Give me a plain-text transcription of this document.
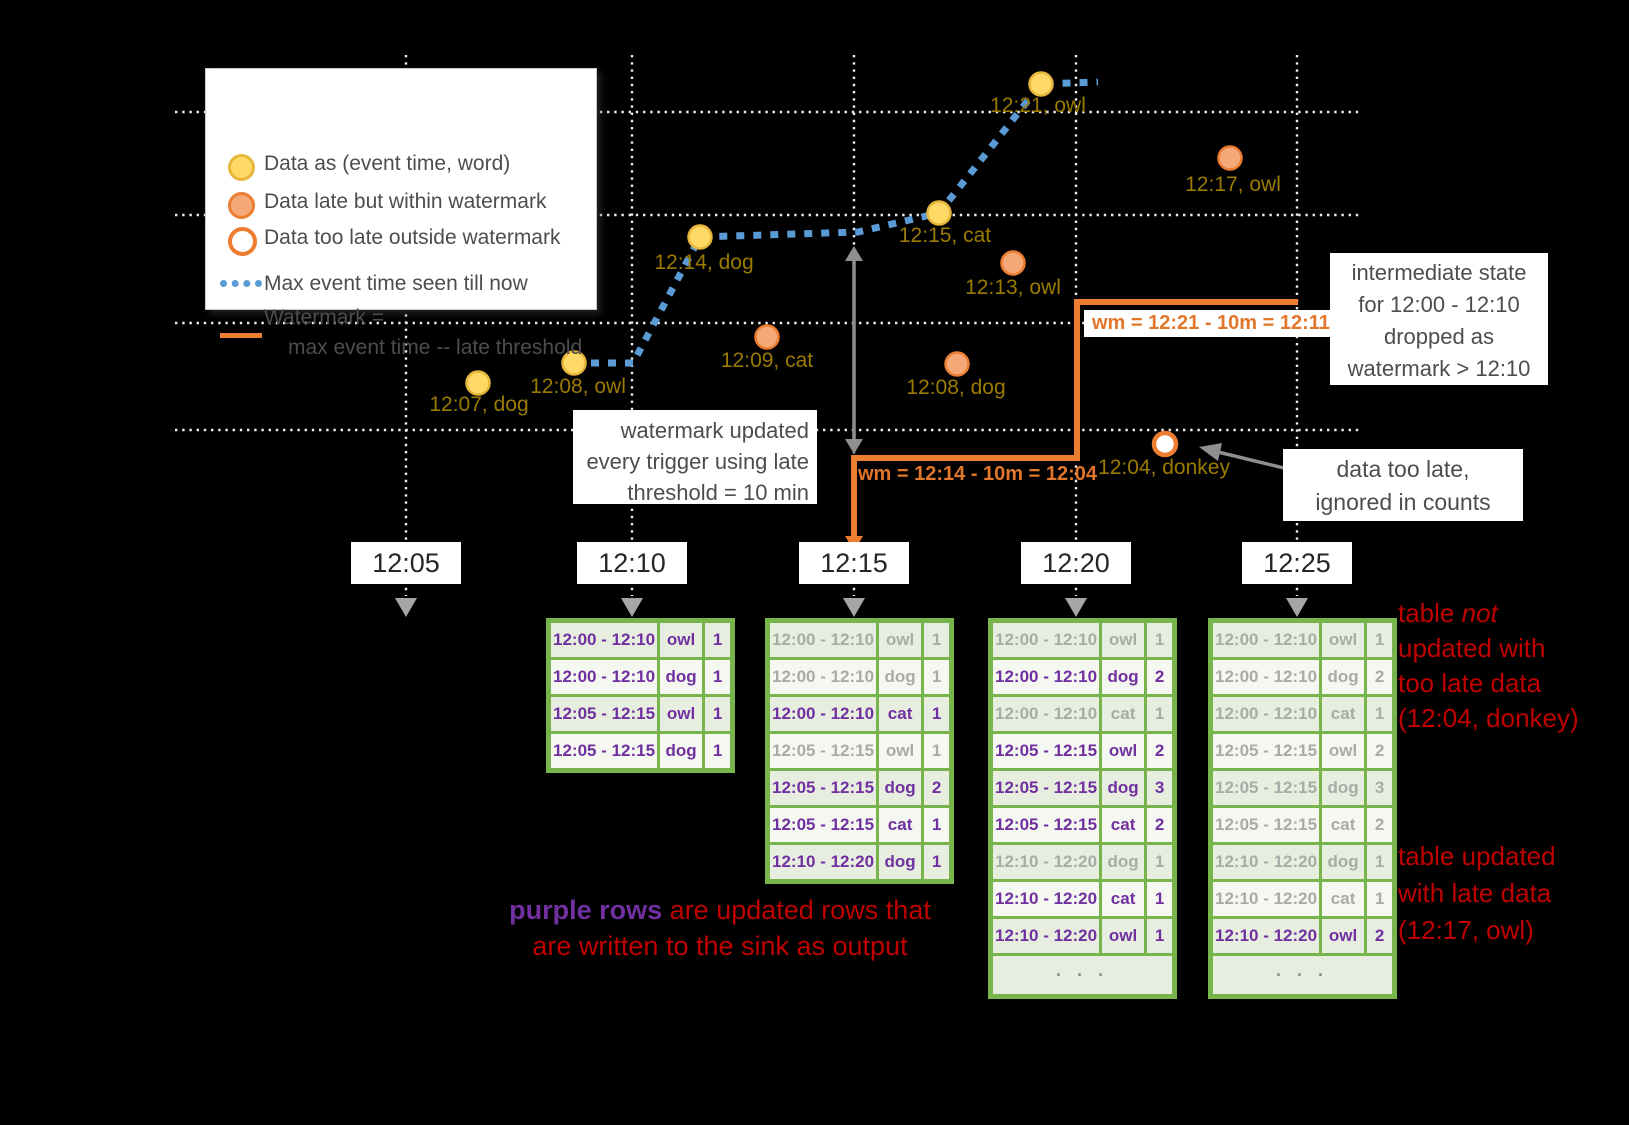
Data as (event time, word)
Data late but within watermark
Data too late outside watermark
Max event time seen till now
Watermark =
max event time -- late threshold
12:07, dog
12:08, owl
12:14, dog
12:09, cat
12:15, cat
12:13, owl
12:21, owl
12:17, owl
12:08, dog
12:04, donkey
wm = 12:14 - 10m = 12:04
wm = 12:21 - 10m = 12:11
watermark updated
every trigger using late
threshold = 10 min
intermediate state
for 12:00 - 12:10
dropped as
watermark > 12:10
data too late,
ignored in counts
12:05	12:10	12:15	12:20	12:25
12:00 - 12:10	owl	1
12:00 - 12:10	dog	1
12:05 - 12:15	owl	1
12:05 - 12:15	dog	1
12:00 - 12:10	owl	1
12:00 - 12:10	dog	1
12:00 - 12:10	cat	1
12:05 - 12:15	owl	1
12:05 - 12:15	dog	2
12:05 - 12:15	cat	1
12:10 - 12:20	dog	1
12:00 - 12:10	owl	1
12:00 - 12:10	dog	2
12:00 - 12:10	cat	1
12:05 - 12:15	owl	2
12:05 - 12:15	dog	3
12:05 - 12:15	cat	2
12:10 - 12:20	dog	1
12:10 - 12:20	cat	1
12:10 - 12:20	owl	1
· · ·		
12:00 - 12:10	owl	1
12:00 - 12:10	dog	2
12:00 - 12:10	cat	1
12:05 - 12:15	owl	2
12:05 - 12:15	dog	3
12:05 - 12:15	cat	2
12:10 - 12:20	dog	1
12:10 - 12:20	cat	1
12:10 - 12:20	owl	2
· · ·		
table not
updated with
too late data
(12:04, donkey)
table updated
with late data
(12:17, owl)
purple rows are updated rows that
are written to the sink as output
